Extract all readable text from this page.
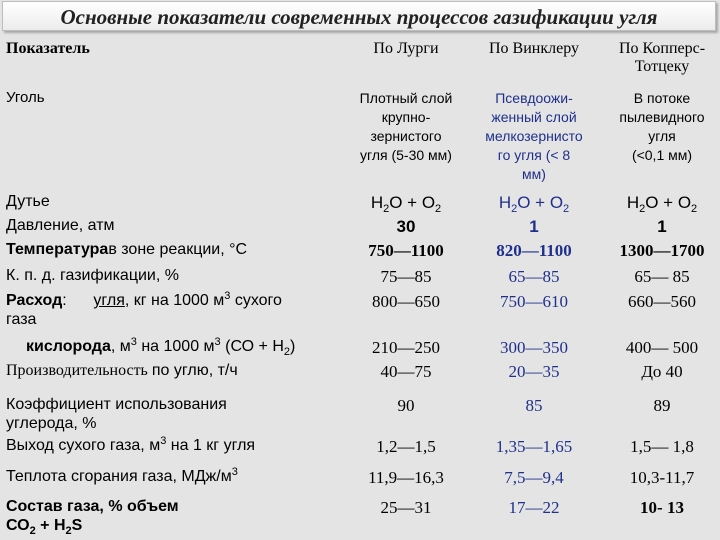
Основные показатели современных процессов газификации угля
Показатель	По Лурги	По Винклеру	По Копперс-
Тотцеку
Уголь	Плотный слой
крупно-
зернистого
угля (5-30 мм)	Псевдоожи-
женный слой
мелкозернисто
го угля (< 8
мм)	В потоке
пылевидного
угля
(<0,1 мм)
Дутье	$H_2O + O_2$	$H_2O + O_2$	$H_2O + O_2$
Давление, атм	30	1	1
Температурав зоне реакции, °С	750—1100	820—1100	1300—1700
К. п. д. газификации, %	75—85	65—85	65— 85
Расход: угля, кг на 1000 $м^3$ сухого
газа	800—650	750—610	660—560
кислорода, $м^3$ на 1000 $м^3$ $(СО + Н_2)$	210—250	300—350	400— 500
Производительность по углю, т/ч	40—75	20—35	До 40
Коэффициент использования
углерода, %	90	85	89
Выход сухого газа, $м^3$ на 1 кг угля	1,2—1,5	1,35—1,65	1,5— 1,8
Теплота сгорания газа, МДж/$м^3$	11,9—16,3	7,5—9,4	10,3-11,7
Состав газа, % объем
$СО_2 + Н_2S$	25—31	17—22	10- 13
